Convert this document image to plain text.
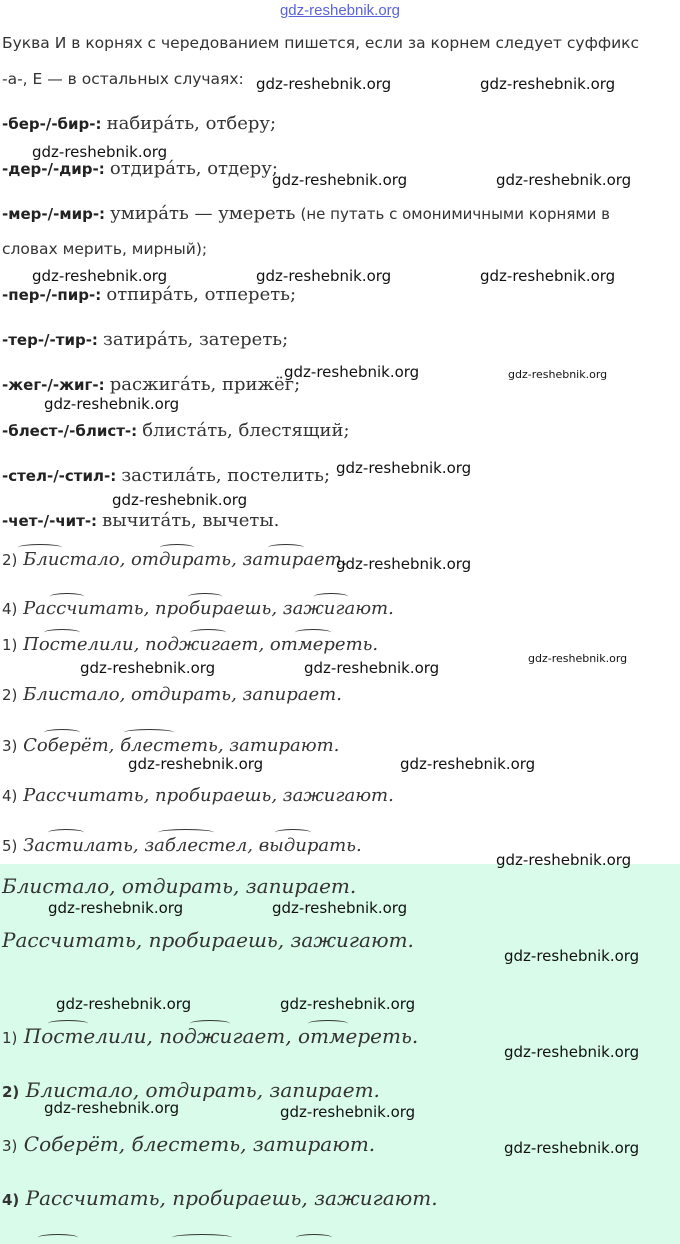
gdz-reshebnik.org
Буква И в корнях с чередованием пишется, если за корнем следует суффикс
-а-, Е — в остальных случаях:
-бер-/-бир-: набира́ть, отберу;
-дер-/-дир-: отдира́ть, отдеру;
-мер-/-мир-: умира́ть — умереть (не путать с омонимичными корнями в
словах мерить, мирный);
-пер-/-пир-: отпира́ть, отпереть;
-тер-/-тир-: затира́ть, затереть;
-жег-/-жиг-: расжига́ть, прижёг;
-блест-/-блист-: блиста́ть, блестящий;
-стел-/-стил-: застила́ть, постелить;
-чет-/-чит-: вычита́ть, вычеты.
2) Блистало, отдирать, затирает.
4) Рассчитать, пробираешь, зажигают.
1) Постелили, поджигает, отмереть.
2) Блистало, отдирать, запирает.
3) Соберёт, блестеть, затирают.
4) Рассчитать, пробираешь, зажигают.
5) Застилать, заблестел, выдирать.
Блистало, отдирать, запирает.
Рассчитать, пробираешь, зажигают.
1) Постелили, поджигает, отмереть.
2) Блистало, отдирать, запирает.
3) Соберёт, блестеть, затирают.
4) Рассчитать, пробираешь, зажигают.
gdz-reshebnik.org	gdz-reshebnik.org
gdz-reshebnik.org
gdz-reshebnik.org	gdz-reshebnik.org
gdz-reshebnik.org	gdz-reshebnik.org	gdz-reshebnik.org
gdz-reshebnik.org	gdz-reshebnik.org
gdz-reshebnik.org
gdz-reshebnik.org
gdz-reshebnik.org
gdz-reshebnik.org
gdz-reshebnik.org	gdz-reshebnik.org
gdz-reshebnik.org
gdz-reshebnik.org	gdz-reshebnik.org
gdz-reshebnik.org
gdz-reshebnik.org	gdz-reshebnik.org
gdz-reshebnik.org
gdz-reshebnik.org	gdz-reshebnik.org
gdz-reshebnik.org
gdz-reshebnik.org	gdz-reshebnik.org
gdz-reshebnik.org
